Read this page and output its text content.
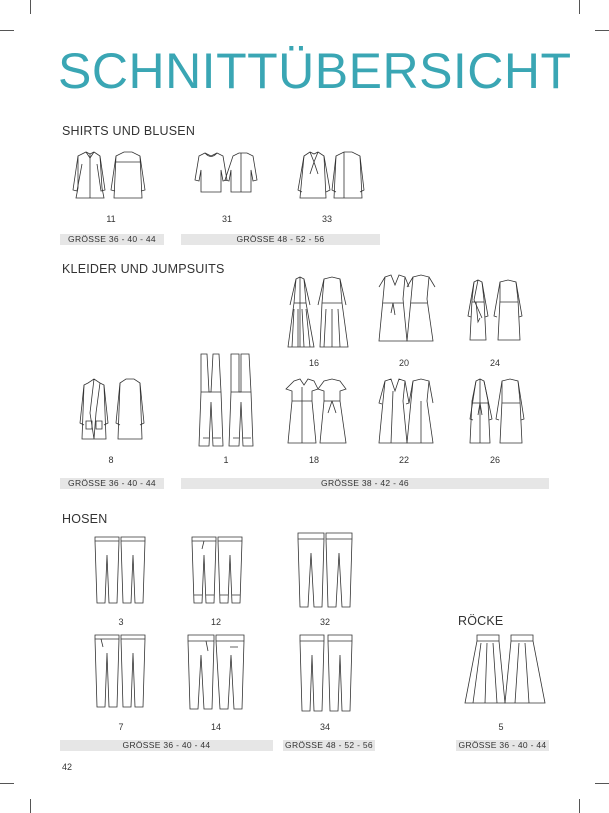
SCHNITTÜBERSICHT
SHIRTS UND BLUSEN
11	31	33
GRÖSSE 36 - 40 - 44	GRÖSSE 48 - 52 - 56
KLEIDER UND JUMPSUITS
16	20	24
8	1	18	22	26
GRÖSSE 36 - 40 - 44	GRÖSSE 38 - 42 - 46
HOSEN
3	12	32
7	14	34
RÖCKE
5
GRÖSSE 36 - 40 - 44	GRÖSSE 48 - 52 - 56	GRÖSSE 36 - 40 - 44
42
